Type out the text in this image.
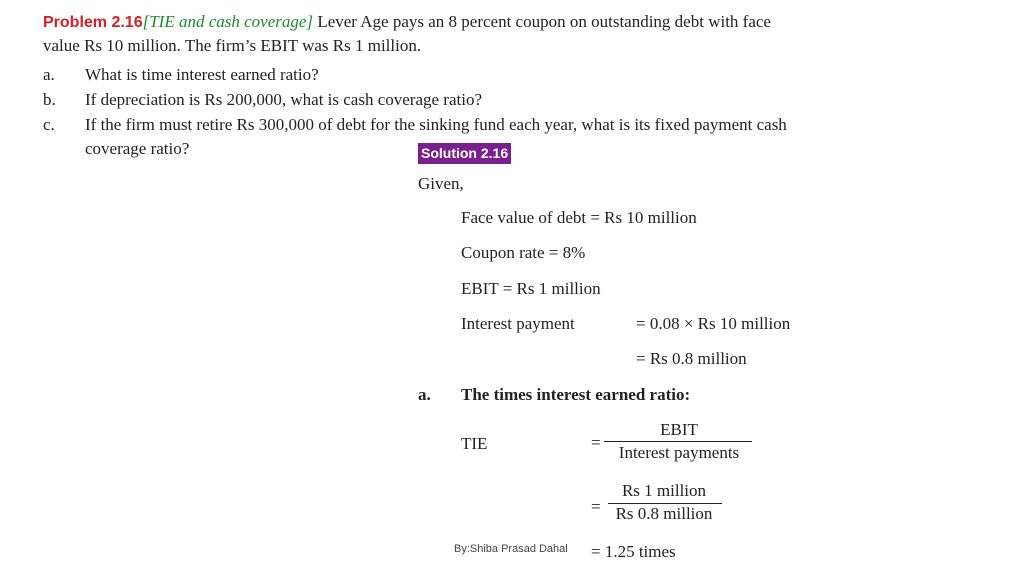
Problem 2.16[TIE and cash coverage] Lever Age pays an 8 percent coupon on outstanding debt with face
value Rs 10 million. The firm’s EBIT was Rs 1 million.
a. What is time interest earned ratio?
b. If depreciation is Rs 200,000, what is cash coverage ratio?
c. If the firm must retire Rs 300,000 of debt for the sinking fund each year, what is its fixed payment cash
coverage ratio?	Solution 2.16
Given,
Face value of debt = Rs 10 million
Coupon rate = 8%
EBIT = Rs 1 million
Interest payment	= 0.08 × Rs 10 million
= Rs 0.8 million
a. The times interest earned ratio:
TIE	=
EBIT
Interest payments
=
Rs 1 million
Rs 0.8 million
= 1.25 times
By:Shiba Prasad Dahal
